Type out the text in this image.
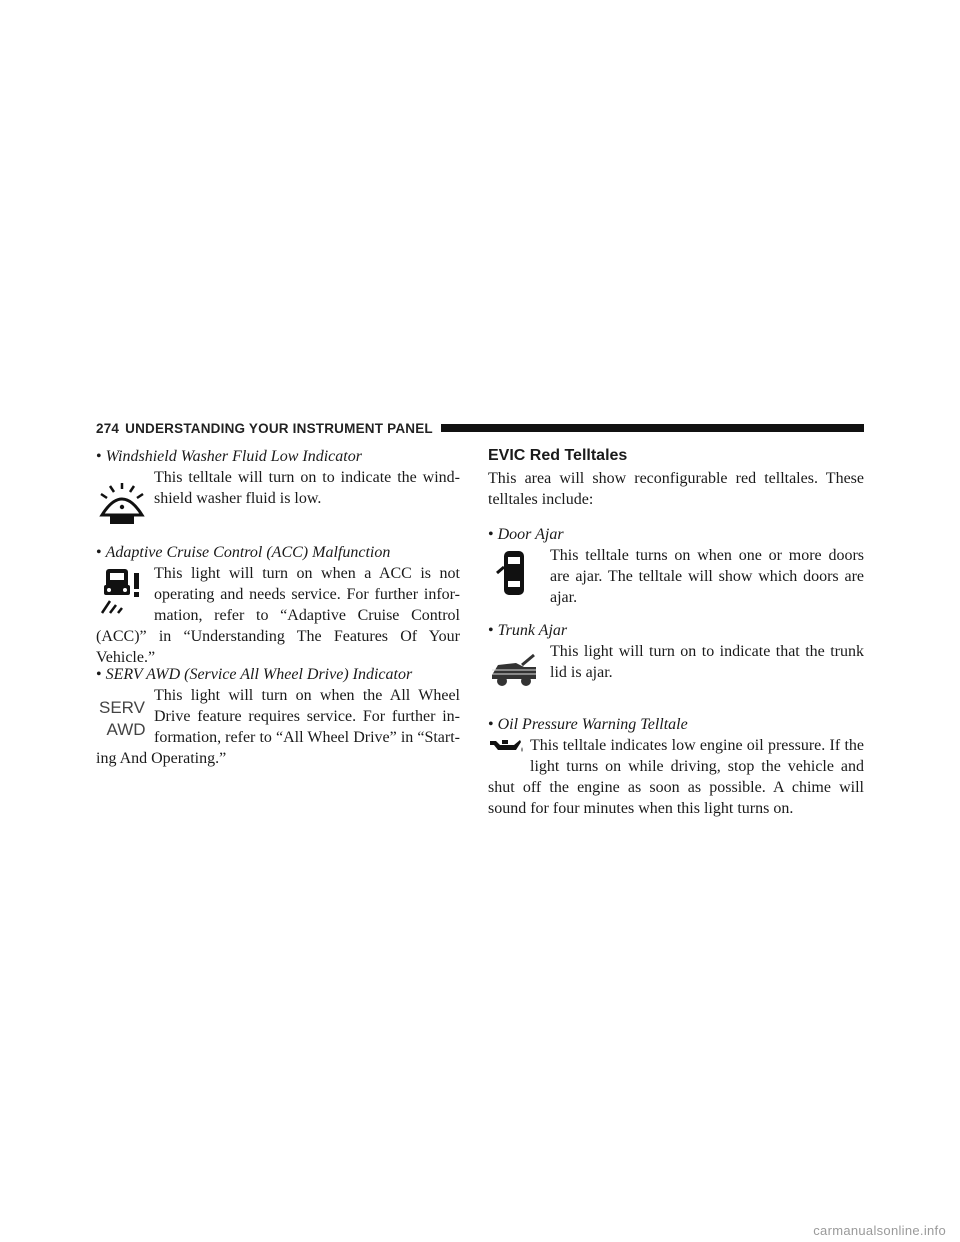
274 UNDERSTANDING YOUR INSTRUMENT PANEL
• Windshield Washer Fluid Low Indicator
This telltale will turn on to indicate the wind-shield washer fluid is low.
• Adaptive Cruise Control (ACC) Malfunction
This light will turn on when a ACC is not operating and needs service. For further infor-mation, refer to “Adaptive Cruise Control (ACC)” in “Understanding The Features Of Your Vehicle.”
• SERV AWD (Service All Wheel Drive) Indicator
SERV
AWD
This light will turn on when the All Wheel Drive feature requires service. For further in-formation, refer to “All Wheel Drive” in “Start-ing And Operating.”
EVIC Red Telltales
This area will show reconfigurable red telltales. These telltales include:
• Door Ajar
This telltale turns on when one or more doors are ajar. The telltale will show which doors are ajar.
• Trunk Ajar
This light will turn on to indicate that the trunk lid is ajar.
• Oil Pressure Warning Telltale
This telltale indicates low engine oil pressure. If the light turns on while driving, stop the vehicle and shut off the engine as soon as possible. A chime will sound for four minutes when this light turns on.
carmanualsonline.info
